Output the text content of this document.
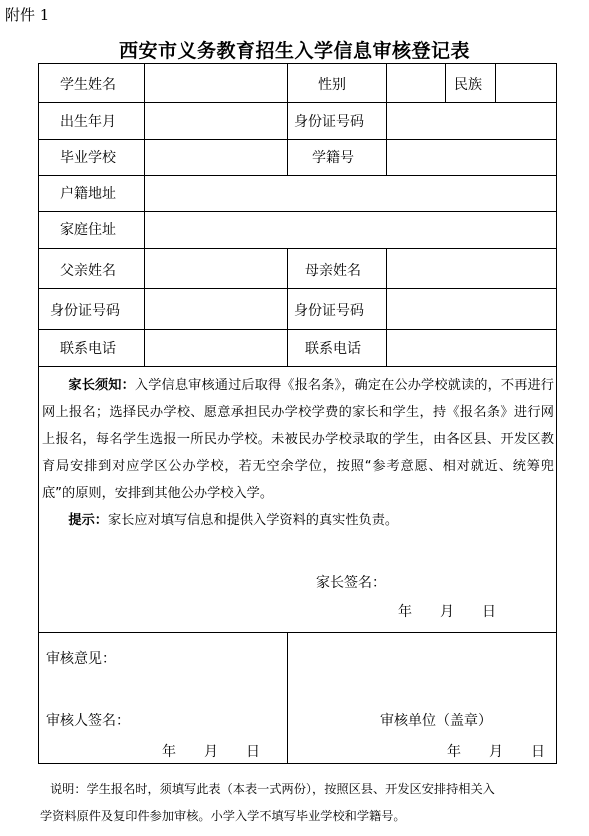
附件 1
西安市义务教育招生入学信息审核登记表
学生姓名	性别	民族
出生年月	身份证号码
毕业学校	学籍号
户籍地址
家庭住址
父亲姓名	母亲姓名
身份证号码	身份证号码
联系电话	联系电话

家长须知：入学信息审核通过后取得《报名条》，确定在公办学校就读的，不再进行网上报名；选择民办学校、愿意承担民办学校学费的家长和学生，持《报名条》进行网上报名，每名学生选报一所民办学校。未被民办学校录取的学生，由各区县、开发区教育局安排到对应学区公办学校，若无空余学位，按照“参考意愿、相对就近、统筹兜底”的原则，安排到其他公办学校入学。

提示：家长应对填写信息和提供入学资料的真实性负责。

家长签名：
年　　月　　日
审核意见：
审核人签名：
年　　月　　日
审核单位（盖章）
年　　月　　日

说明：学生报名时，须填写此表（本表一式两份），按照区县、开发区安排持相关入

学资料原件及复印件参加审核。小学入学不填写毕业学校和学籍号。
